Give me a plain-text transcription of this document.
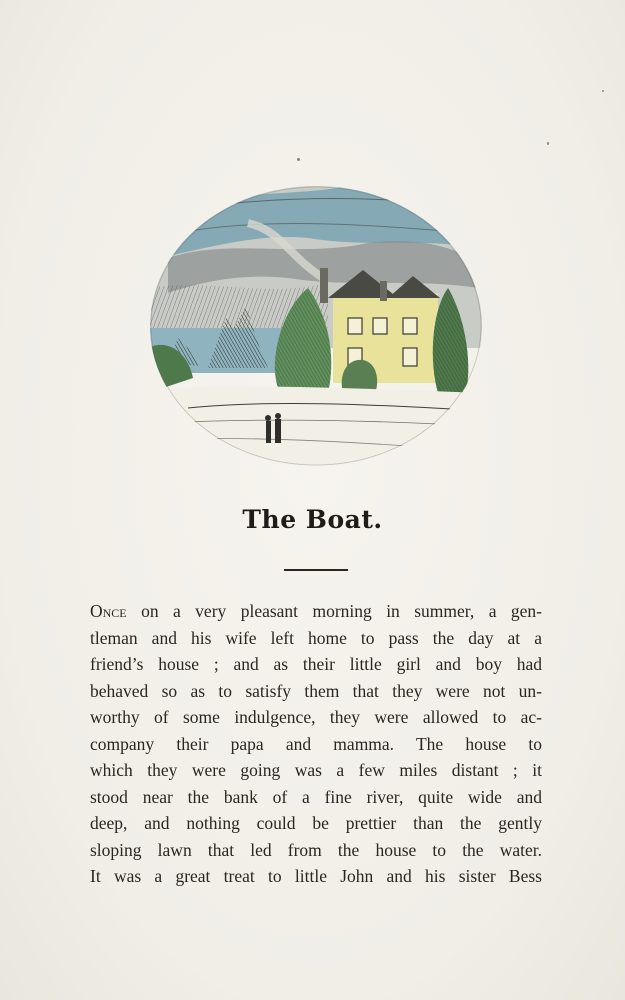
The Boat.
Once on a very pleasant morning in summer, a gen-
tleman and his wife left home to pass the day at a
friend’s house ; and as their little girl and boy had
behaved so as to satisfy them that they were not un-
worthy of some indulgence, they were allowed to ac-
company their papa and mamma. The house to
which they were going was a few miles distant ; it
stood near the bank of a fine river, quite wide and
deep, and nothing could be prettier than the gently
sloping lawn that led from the house to the water.
It was a great treat to little John and his sister Bess
